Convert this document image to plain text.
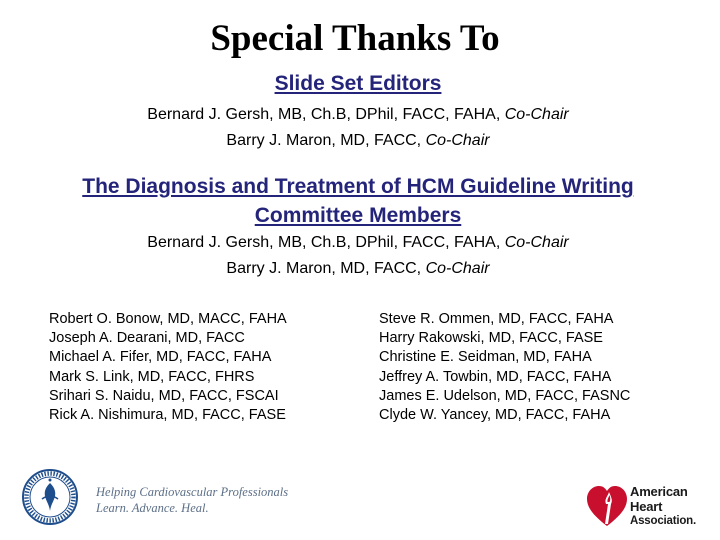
Special Thanks To
Slide Set Editors

Bernard J. Gersh, MB, Ch.B, DPhil, FACC, FAHA, Co-Chair
Barry J. Maron, MD, FACC, Co-Chair

The Diagnosis and Treatment of HCM Guideline Writing Committee Members

Bernard J. Gersh, MB, Ch.B, DPhil, FACC, FAHA, Co-Chair
Barry J. Maron, MD, FACC, Co-Chair

Robert O. Bonow, MD, MACC, FAHA
Joseph A. Dearani, MD, FACC
Michael A. Fifer, MD, FACC, FAHA
Mark S. Link, MD, FACC, FHRS
Srihari S. Naidu, MD, FACC, FSCAI
Rick A. Nishimura, MD, FACC, FASE
Steve R. Ommen, MD, FACC, FAHA
Harry Rakowski, MD, FACC, FASE
Christine E. Seidman, MD, FAHA
Jeffrey A. Towbin, MD, FACC, FAHA
James E. Udelson, MD, FACC, FASNC
Clyde W. Yancey, MD, FACC, FAHA
Helping Cardiovascular Professionals
Learn. Advance. Heal.
American
Heart
Association.
